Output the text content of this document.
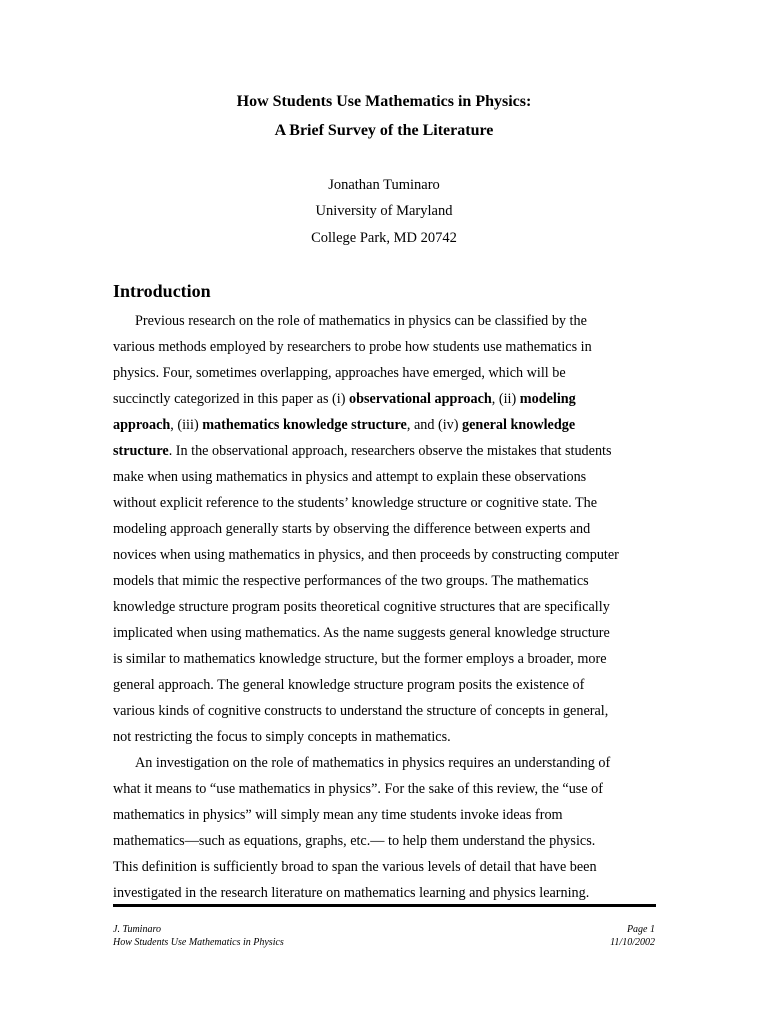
How Students Use Mathematics in Physics:
A Brief Survey of the Literature
Jonathan Tuminaro
University of Maryland
College Park, MD 20742
Introduction
Previous research on the role of mathematics in physics can be classified by the
various methods employed by researchers to probe how students use mathematics in
physics. Four, sometimes overlapping, approaches have emerged, which will be
succinctly categorized in this paper as (i) observational approach, (ii) modeling
approach, (iii) mathematics knowledge structure, and (iv) general knowledge
structure. In the observational approach, researchers observe the mistakes that students
make when using mathematics in physics and attempt to explain these observations
without explicit reference to the students’ knowledge structure or cognitive state. The
modeling approach generally starts by observing the difference between experts and
novices when using mathematics in physics, and then proceeds by constructing computer
models that mimic the respective performances of the two groups. The mathematics
knowledge structure program posits theoretical cognitive structures that are specifically
implicated when using mathematics. As the name suggests general knowledge structure
is similar to mathematics knowledge structure, but the former employs a broader, more
general approach. The general knowledge structure program posits the existence of
various kinds of cognitive constructs to understand the structure of concepts in general,
not restricting the focus to simply concepts in mathematics.
An investigation on the role of mathematics in physics requires an understanding of
what it means to “use mathematics in physics”. For the sake of this review, the “use of
mathematics in physics” will simply mean any time students invoke ideas from
mathematics—such as equations, graphs, etc.— to help them understand the physics.
This definition is sufficiently broad to span the various levels of detail that have been
investigated in the research literature on mathematics learning and physics learning.
J. Tuminaro
How Students Use Mathematics in Physics
Page 1
11/10/2002
